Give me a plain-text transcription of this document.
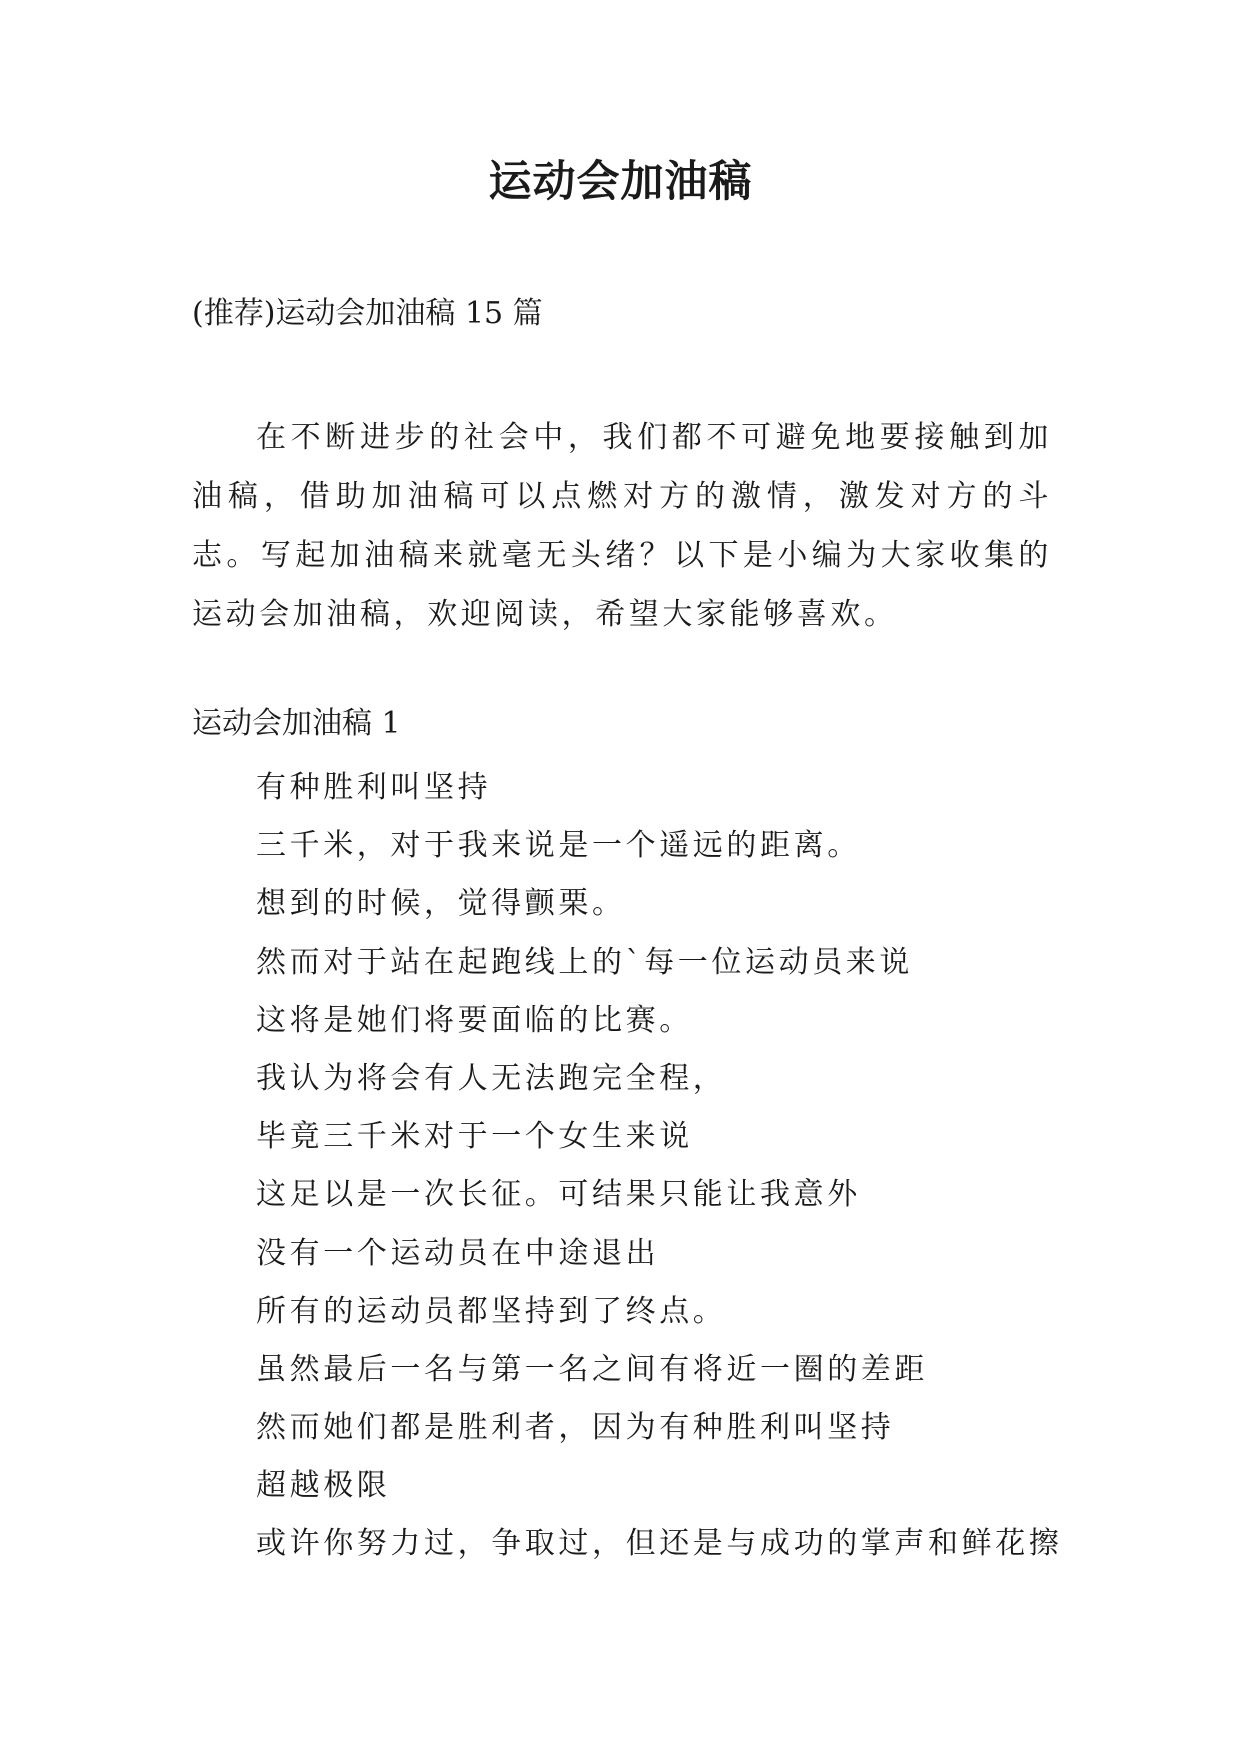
运动会加油稿

(推荐)运动会加油稿 15 篇

在不断进步的社会中，我们都不可避免地要接触到加油稿，借助加油稿可以点燃对方的激情，激发对方的斗志。写起加油稿来就毫无头绪？以下是小编为大家收集的运动会加油稿，欢迎阅读，希望大家能够喜欢。

运动会加油稿 1

有种胜利叫坚持
三千米，对于我来说是一个遥远的距离。
想到的时候，觉得颤栗。
然而对于站在起跑线上的`每一位运动员来说
这将是她们将要面临的比赛。
我认为将会有人无法跑完全程，
毕竟三千米对于一个女生来说
这足以是一次长征。可结果只能让我意外
没有一个运动员在中途退出
所有的运动员都坚持到了终点。
虽然最后一名与第一名之间有将近一圈的差距
然而她们都是胜利者，因为有种胜利叫坚持
超越极限
或许你努力过，争取过，但还是与成功的掌声和鲜花擦
